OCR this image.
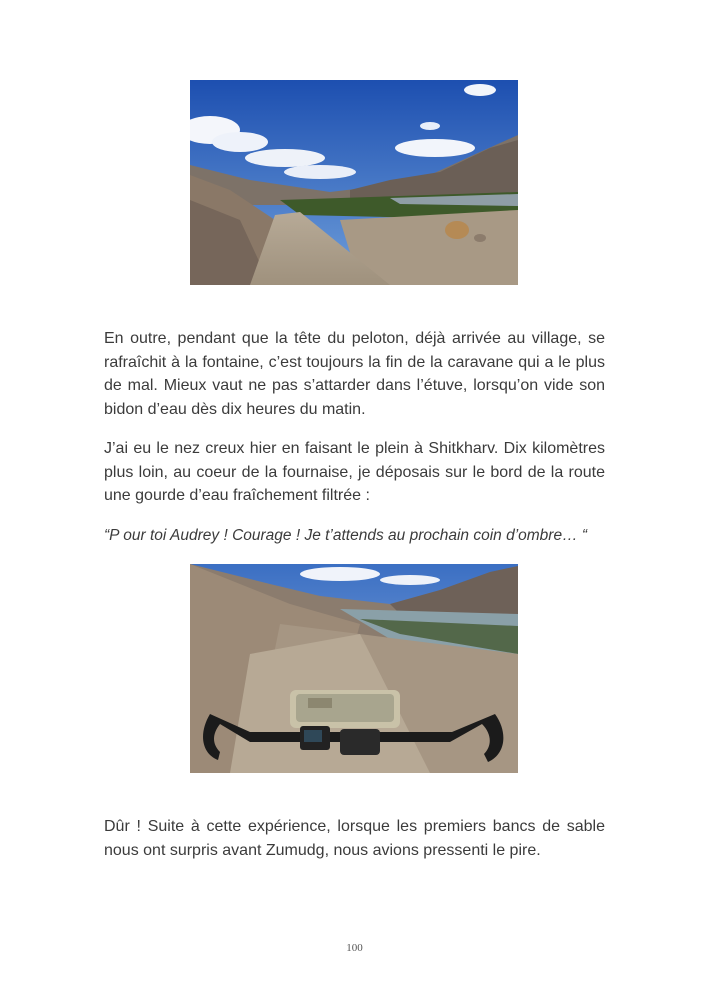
En outre, pendant que la tête du peloton, déjà arrivée au village, se rafraîchit à la fontaine, c’est toujours la fin de la caravane qui a le plus de mal. Mieux vaut ne pas s’attarder dans l’étuve, lorsqu’on vide son bidon d’eau dès dix heures du matin.

J’ai eu le nez creux hier en faisant le plein à Shitkharv. Dix kilomètres plus loin, au coeur de la fournaise, je déposais sur le bord de la route une gourde d’eau fraîchement filtrée :

“P our toi Audrey ! Courage ! Je t’attends au prochain coin d’ombre… “

Dûr ! Suite à cette expérience, lorsque les premiers bancs de sable nous ont surpris avant Zumudg, nous avions pressenti le pire.

100
